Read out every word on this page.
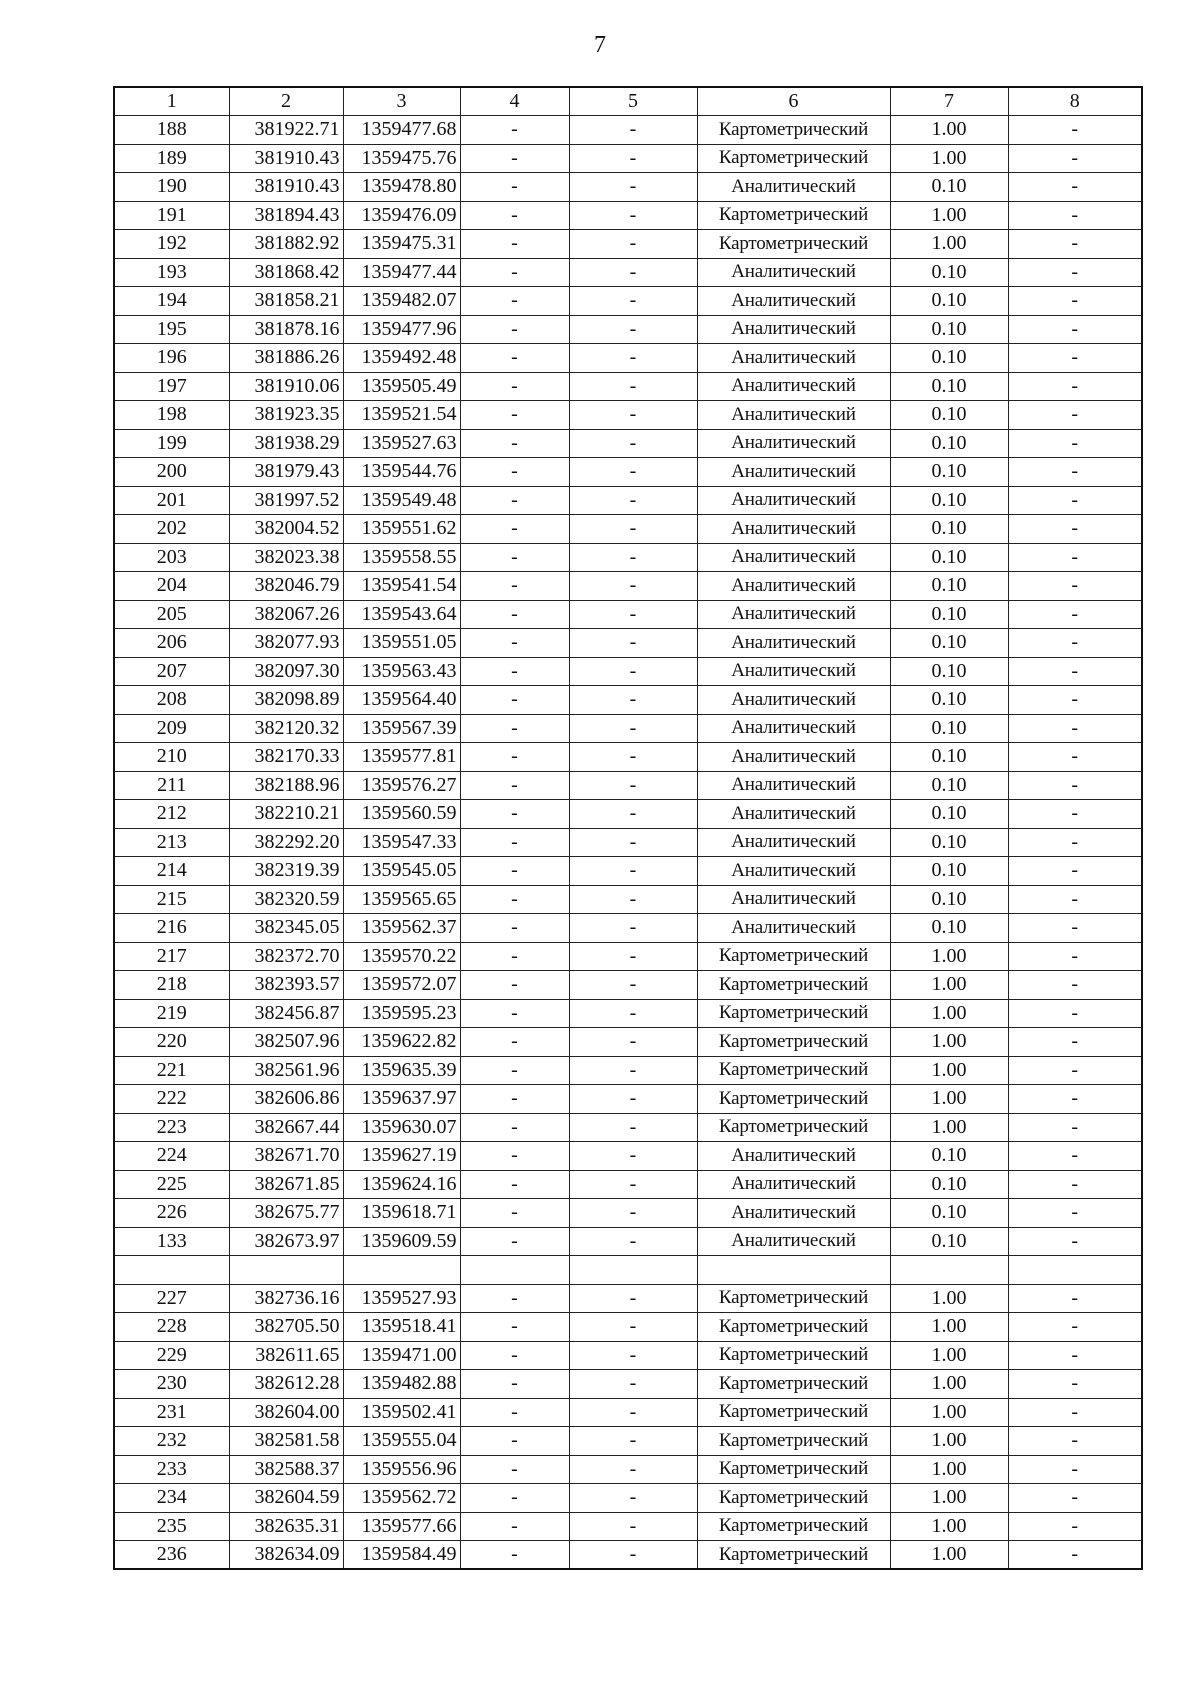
7
1	2	3	4	5	6	7	8
188	381922.71	1359477.68	-	-	Картометрический	1.00	-
189	381910.43	1359475.76	-	-	Картометрический	1.00	-
190	381910.43	1359478.80	-	-	Аналитический	0.10	-
191	381894.43	1359476.09	-	-	Картометрический	1.00	-
192	381882.92	1359475.31	-	-	Картометрический	1.00	-
193	381868.42	1359477.44	-	-	Аналитический	0.10	-
194	381858.21	1359482.07	-	-	Аналитический	0.10	-
195	381878.16	1359477.96	-	-	Аналитический	0.10	-
196	381886.26	1359492.48	-	-	Аналитический	0.10	-
197	381910.06	1359505.49	-	-	Аналитический	0.10	-
198	381923.35	1359521.54	-	-	Аналитический	0.10	-
199	381938.29	1359527.63	-	-	Аналитический	0.10	-
200	381979.43	1359544.76	-	-	Аналитический	0.10	-
201	381997.52	1359549.48	-	-	Аналитический	0.10	-
202	382004.52	1359551.62	-	-	Аналитический	0.10	-
203	382023.38	1359558.55	-	-	Аналитический	0.10	-
204	382046.79	1359541.54	-	-	Аналитический	0.10	-
205	382067.26	1359543.64	-	-	Аналитический	0.10	-
206	382077.93	1359551.05	-	-	Аналитический	0.10	-
207	382097.30	1359563.43	-	-	Аналитический	0.10	-
208	382098.89	1359564.40	-	-	Аналитический	0.10	-
209	382120.32	1359567.39	-	-	Аналитический	0.10	-
210	382170.33	1359577.81	-	-	Аналитический	0.10	-
211	382188.96	1359576.27	-	-	Аналитический	0.10	-
212	382210.21	1359560.59	-	-	Аналитический	0.10	-
213	382292.20	1359547.33	-	-	Аналитический	0.10	-
214	382319.39	1359545.05	-	-	Аналитический	0.10	-
215	382320.59	1359565.65	-	-	Аналитический	0.10	-
216	382345.05	1359562.37	-	-	Аналитический	0.10	-
217	382372.70	1359570.22	-	-	Картометрический	1.00	-
218	382393.57	1359572.07	-	-	Картометрический	1.00	-
219	382456.87	1359595.23	-	-	Картометрический	1.00	-
220	382507.96	1359622.82	-	-	Картометрический	1.00	-
221	382561.96	1359635.39	-	-	Картометрический	1.00	-
222	382606.86	1359637.97	-	-	Картометрический	1.00	-
223	382667.44	1359630.07	-	-	Картометрический	1.00	-
224	382671.70	1359627.19	-	-	Аналитический	0.10	-
225	382671.85	1359624.16	-	-	Аналитический	0.10	-
226	382675.77	1359618.71	-	-	Аналитический	0.10	-
133	382673.97	1359609.59	-	-	Аналитический	0.10	-

227	382736.16	1359527.93	-	-	Картометрический	1.00	-
228	382705.50	1359518.41	-	-	Картометрический	1.00	-
229	382611.65	1359471.00	-	-	Картометрический	1.00	-
230	382612.28	1359482.88	-	-	Картометрический	1.00	-
231	382604.00	1359502.41	-	-	Картометрический	1.00	-
232	382581.58	1359555.04	-	-	Картометрический	1.00	-
233	382588.37	1359556.96	-	-	Картометрический	1.00	-
234	382604.59	1359562.72	-	-	Картометрический	1.00	-
235	382635.31	1359577.66	-	-	Картометрический	1.00	-
236	382634.09	1359584.49	-	-	Картометрический	1.00	-
